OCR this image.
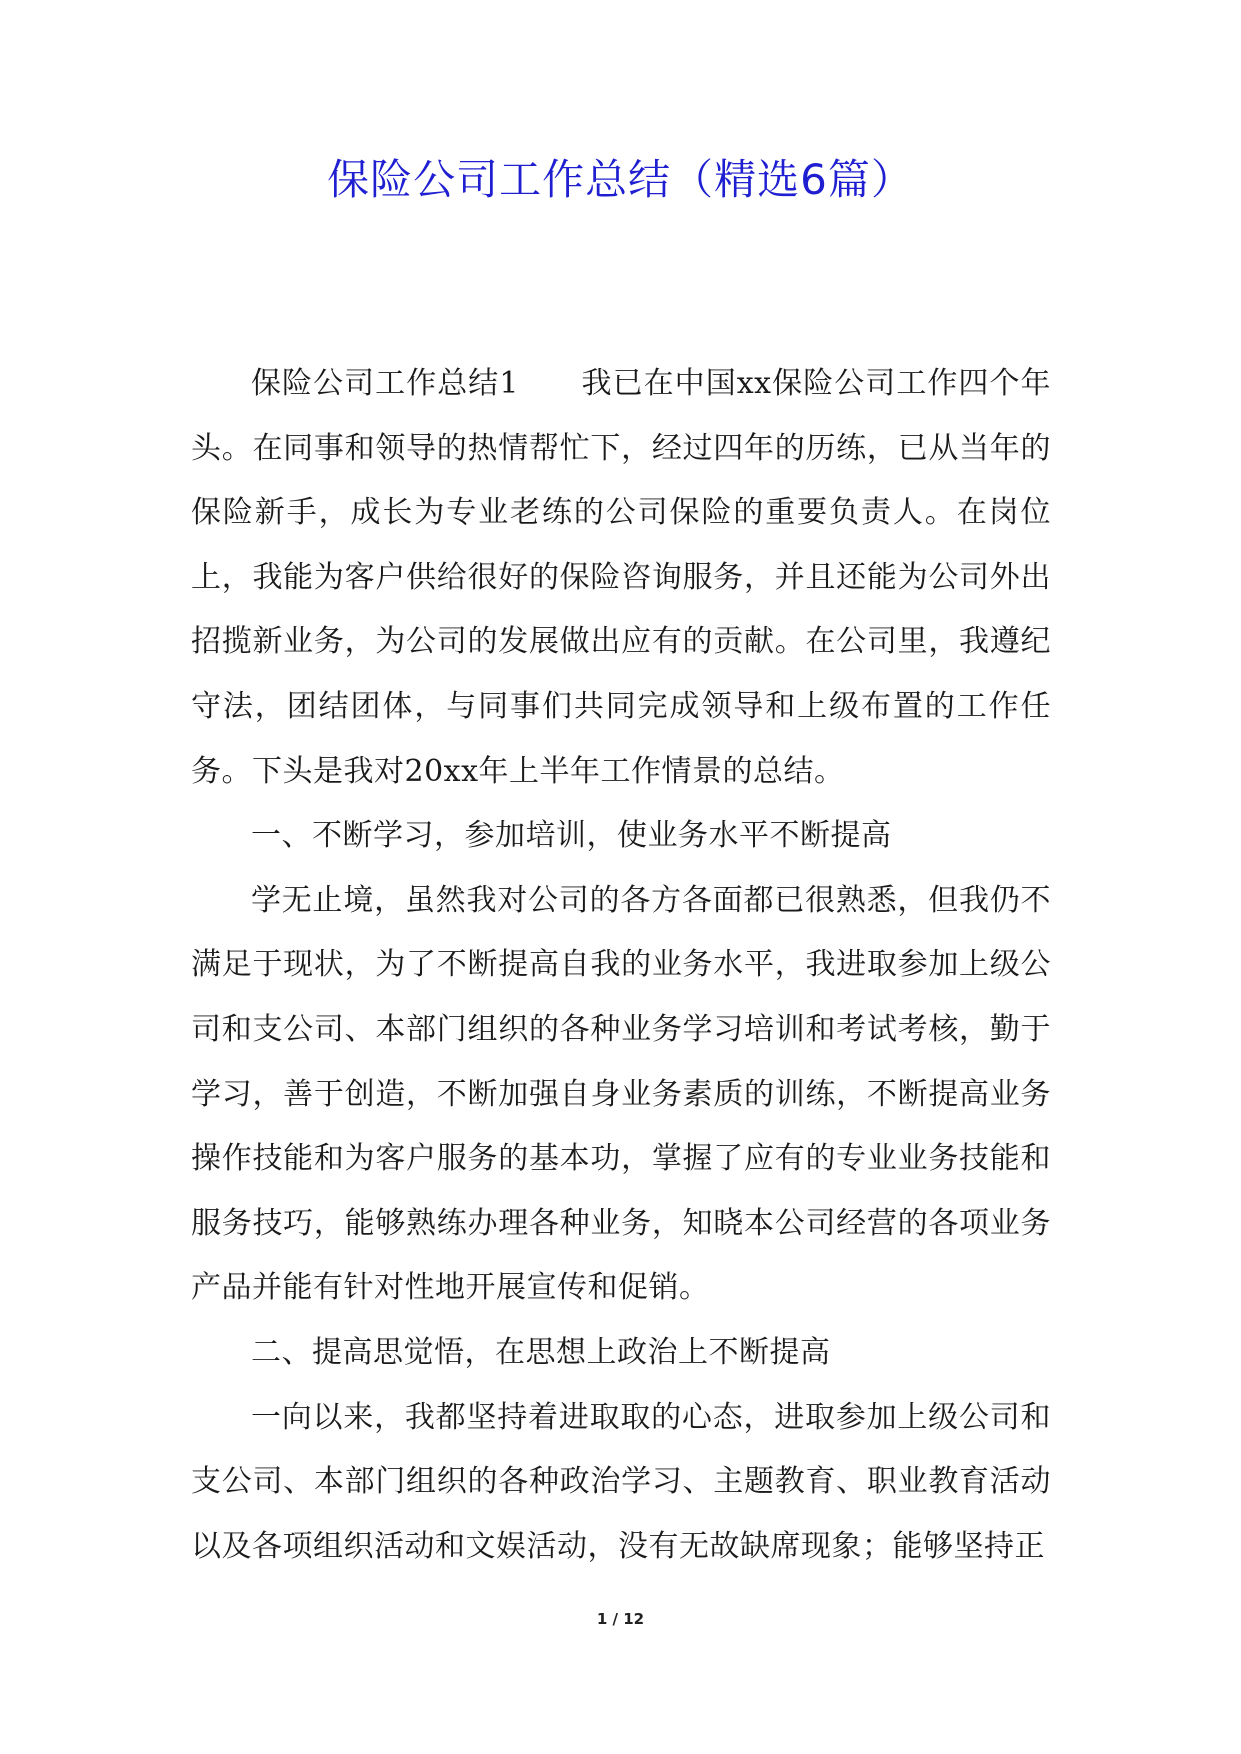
保险公司工作总结（精选6篇）

保险公司工作总结1　　我已在中国xx保险公司工作四个年头。在同事和领导的热情帮忙下，经过四年的历练，已从当年的保险新手，成长为专业老练的公司保险的重要负责人。在岗位上，我能为客户供给很好的保险咨询服务，并且还能为公司外出招揽新业务，为公司的发展做出应有的贡献。在公司里，我遵纪守法，团结团体，与同事们共同完成领导和上级布置的工作任务。下头是我对20xx年上半年工作情景的总结。

一、不断学习，参加培训，使业务水平不断提高

学无止境，虽然我对公司的各方各面都已很熟悉，但我仍不满足于现状，为了不断提高自我的业务水平，我进取参加上级公司和支公司、本部门组织的各种业务学习培训和考试考核，勤于学习，善于创造，不断加强自身业务素质的训练，不断提高业务操作技能和为客户服务的基本功，掌握了应有的专业业务技能和服务技巧，能够熟练办理各种业务，知晓本公司经营的各项业务产品并能有针对性地开展宣传和促销。

二、提高思觉悟，在思想上政治上不断提高

一向以来，我都坚持着进取取的心态，进取参加上级公司和支公司、本部门组织的各种政治学习、主题教育、职业教育活动以及各项组织活动和文娱活动，没有无故缺席现象；能够坚持正

1 / 12
